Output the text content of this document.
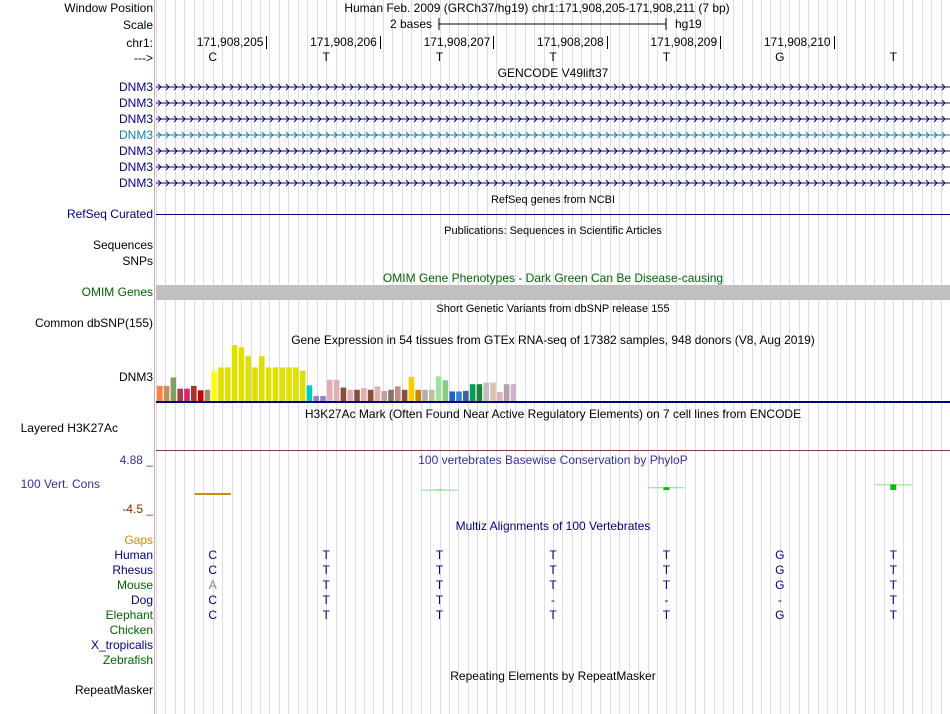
Window Position	Human Feb. 2009 (GRCh37/hg19) chr1:171,908,205-171,908,211 (7 bp)
Scale	2 bases	hg19
chr1:	171,908,205	171,908,206	171,908,207	171,908,208	171,908,209	171,908,210
--->	C	T	T	T	T	G	T
GENCODE V49lift37
DNM3
DNM3
DNM3
DNM3
DNM3
DNM3
DNM3
RefSeq genes from NCBI
RefSeq Curated
Publications: Sequences in Scientific Articles
Sequences
SNPs
OMIM Gene Phenotypes - Dark Green Can Be Disease-causing
OMIM Genes
Short Genetic Variants from dbSNP release 155
Common dbSNP(155)
Gene Expression in 54 tissues from GTEx RNA-seq of 17382 samples, 948 donors (V8, Aug 2019)
DNM3
H3K27Ac Mark (Often Found Near Active Regulatory Elements) on 7 cell lines from ENCODE
Layered H3K27Ac
100 vertebrates Basewise Conservation by PhyloP
4.88 _
100 Vert. Cons
-4.5 _
Multiz Alignments of 100 Vertebrates
Gaps
Human	C	T	T	T	T	G	T
Rhesus	C	T	T	T	T	G	T
Mouse	A	T	T	T	T	G	T
Dog	C	T	T	-	-	-	T
Elephant	C	T	T	T	T	G	T
Chicken
X_tropicalis
Zebrafish
Repeating Elements by RepeatMasker
RepeatMasker
